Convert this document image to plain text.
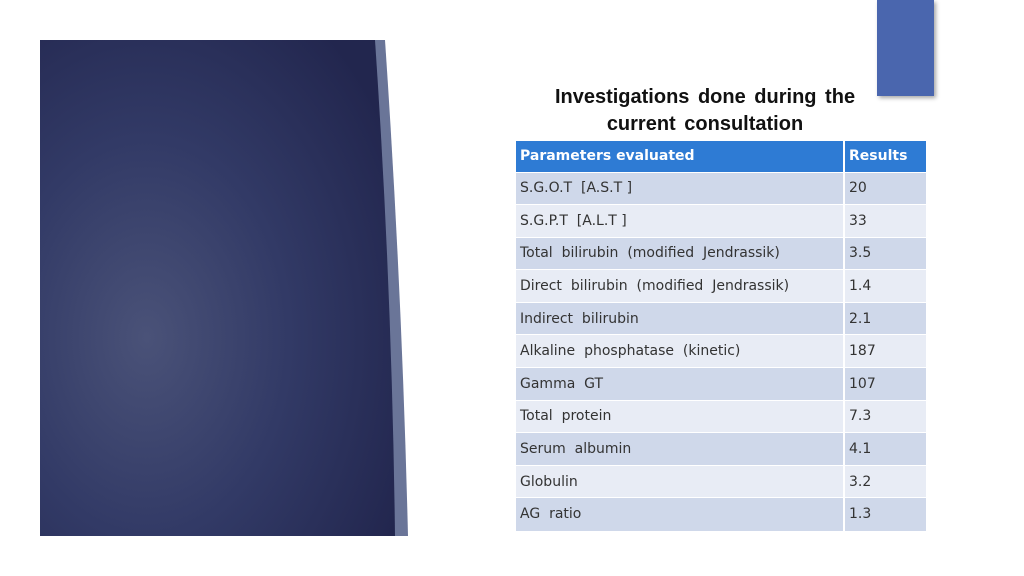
Investigations done during the current consultation
Parameters evaluated	Results
S.G.O.T  [A.S.T ]	20
S.G.P.T  [A.L.T ]	33
Total  bilirubin  (modified  Jendrassik)	3.5
Direct  bilirubin  (modified  Jendrassik)	1.4
Indirect  bilirubin	2.1
Alkaline  phosphatase  (kinetic)	187
Gamma  GT	107
Total  protein	7.3
Serum  albumin	4.1
Globulin	3.2
AG  ratio	1.3
